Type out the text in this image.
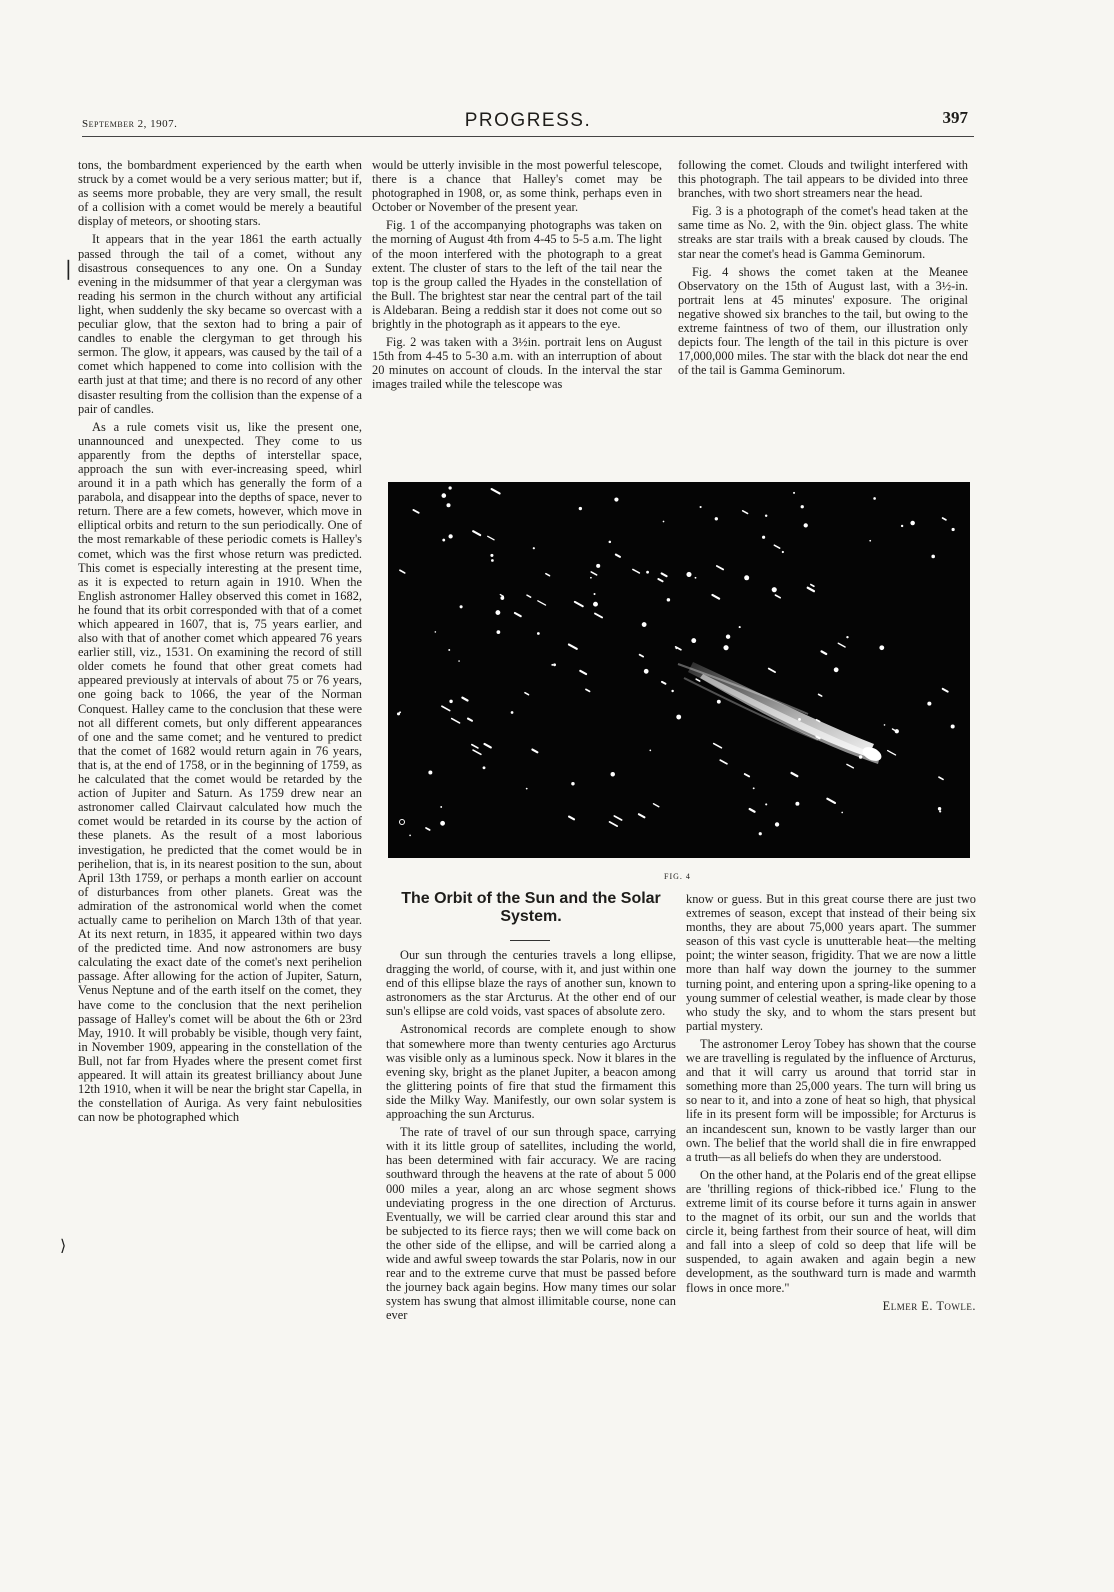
September 2, 1907.	PROGRESS.	397
❘
⟩

tons, the bombardment experienced by the earth when struck by a comet would be a very serious matter; but if, as seems more probable, they are very small, the result of a collision with a comet would be merely a beautiful display of meteors, or shooting stars.

It appears that in the year 1861 the earth actually passed through the tail of a comet, without any disastrous consequences to any one. On a Sunday evening in the midsummer of that year a clergyman was reading his sermon in the church without any artificial light, when suddenly the sky became so overcast with a peculiar glow, that the sexton had to bring a pair of candles to enable the clergyman to get through his sermon. The glow, it appears, was caused by the tail of a comet which happened to come into collision with the earth just at that time; and there is no record of any other disaster resulting from the collision than the expense of a pair of candles.

As a rule comets visit us, like the present one, unannounced and unexpected. They come to us apparently from the depths of interstellar space, approach the sun with ever-increasing speed, whirl around it in a path which has generally the form of a parabola, and disappear into the depths of space, never to return. There are a few comets, however, which move in elliptical orbits and return to the sun periodically. One of the most remarkable of these periodic comets is Halley's comet, which was the first whose return was predicted. This comet is especially interesting at the present time, as it is expected to return again in 1910. When the English astronomer Halley observed this comet in 1682, he found that its orbit corresponded with that of a comet which appeared in 1607, that is, 75 years earlier, and also with that of another comet which appeared 76 years earlier still, viz., 1531. On examining the record of still older comets he found that other great comets had appeared previously at intervals of about 75 or 76 years, one going back to 1066, the year of the Norman Conquest. Halley came to the conclusion that these were not all different comets, but only different appearances of one and the same comet; and he ventured to predict that the comet of 1682 would return again in 76 years, that is, at the end of 1758, or in the beginning of 1759, as he calculated that the comet would be retarded by the action of Jupiter and Saturn. As 1759 drew near an astronomer called Clairvaut calculated how much the comet would be retarded in its course by the action of these planets. As the result of a most laborious investigation, he predicted that the comet would be in perihelion, that is, in its nearest position to the sun, about April 13th 1759, or perhaps a month earlier on account of disturbances from other planets. Great was the admiration of the astronomical world when the comet actually came to perihelion on March 13th of that year. At its next return, in 1835, it appeared within two days of the predicted time. And now astronomers are busy calculating the exact date of the comet's next perihelion passage. After allowing for the action of Jupiter, Saturn, Venus Neptune and of the earth itself on the comet, they have come to the conclusion that the next perihelion passage of Halley's comet will be about the 6th or 23rd May, 1910. It will probably be visible, though very faint, in November 1909, appearing in the constellation of the Bull, not far from Hyades where the present comet first appeared. It will attain its greatest brilliancy about June 12th 1910, when it will be near the bright star Capella, in the constellation of Auriga. As very faint nebulosities can now be photographed which

would be utterly invisible in the most powerful telescope, there is a chance that Halley's comet may be photographed in 1908, or, as some think, perhaps even in October or November of the present year.

Fig. 1 of the accompanying photographs was taken on the morning of August 4th from 4-45 to 5-5 a.m. The light of the moon interfered with the photograph to a great extent. The cluster of stars to the left of the tail near the top is the group called the Hyades in the constellation of the Bull. The brightest star near the central part of the tail is Aldebaran. Being a reddish star it does not come out so brightly in the photograph as it appears to the eye.

Fig. 2 was taken with a 3½in. portrait lens on August 15th from 4-45 to 5-30 a.m. with an interruption of about 20 minutes on account of clouds. In the interval the star images trailed while the telescope was

following the comet. Clouds and twilight interfered with this photograph. The tail appears to be divided into three branches, with two short streamers near the head.

Fig. 3 is a photograph of the comet's head taken at the same time as No. 2, with the 9in. object glass. The white streaks are star trails with a break caused by clouds. The star near the comet's head is Gamma Geminorum.

Fig. 4 shows the comet taken at the Meanee Observatory on the 15th of August last, with a 3½-in. portrait lens at 45 minutes' exposure. The original negative showed six branches to the tail, but owing to the extreme faintness of two of them, our illustration only depicts four. The length of the tail in this picture is over 17,000,000 miles. The star with the black dot near the end of the tail is Gamma Geminorum.

FIG. 4
The Orbit of the Sun and the Solar
System.

Our sun through the centuries travels a long ellipse, dragging the world, of course, with it, and just within one end of this ellipse blaze the rays of another sun, known to astronomers as the star Arcturus. At the other end of our sun's ellipse are cold voids, vast spaces of absolute zero.

Astronomical records are complete enough to show that somewhere more than twenty centuries ago Arcturus was visible only as a luminous speck. Now it blares in the evening sky, bright as the planet Jupiter, a beacon among the glittering points of fire that stud the firmament this side the Milky Way. Manifestly, our own solar system is approaching the sun Arcturus.

The rate of travel of our sun through space, carrying with it its little group of satellites, including the world, has been determined with fair accuracy. We are racing southward through the heavens at the rate of about 5 000 000 miles a year, along an arc whose segment shows undeviating progress in the one direction of Arcturus. Eventually, we will be carried clear around this star and be subjected to its fierce rays; then we will come back on the other side of the ellipse, and will be carried along a wide and awful sweep towards the star Polaris, now in our rear and to the extreme curve that must be passed before the journey back again begins. How many times our solar system has swung that almost illimitable course, none can ever

know or guess. But in this great course there are just two extremes of season, except that instead of their being six months, they are about 75,000 years apart. The summer season of this vast cycle is unutterable heat—the melting point; the winter season, frigidity. That we are now a little more than half way down the journey to the summer turning point, and entering upon a spring-like opening to a young summer of celestial weather, is made clear by those who study the sky, and to whom the stars present but partial mystery.

The astronomer Leroy Tobey has shown that the course we are travelling is regulated by the influence of Arcturus, and that it will carry us around that torrid star in something more than 25,000 years. The turn will bring us so near to it, and into a zone of heat so high, that physical life in its present form will be impossible; for Arcturus is an incandescent sun, known to be vastly larger than our own. The belief that the world shall die in fire enwrapped a truth—as all beliefs do when they are understood.

On the other hand, at the Polaris end of the great ellipse are 'thrilling regions of thick-ribbed ice.' Flung to the extreme limit of its course before it turns again in answer to the magnet of its orbit, our sun and the worlds that circle it, being farthest from their source of heat, will dim and fall into a sleep of cold so deep that life will be suspended, to again awaken and again begin a new development, as the southward turn is made and warmth flows in once more."

Elmer E. Towle.
